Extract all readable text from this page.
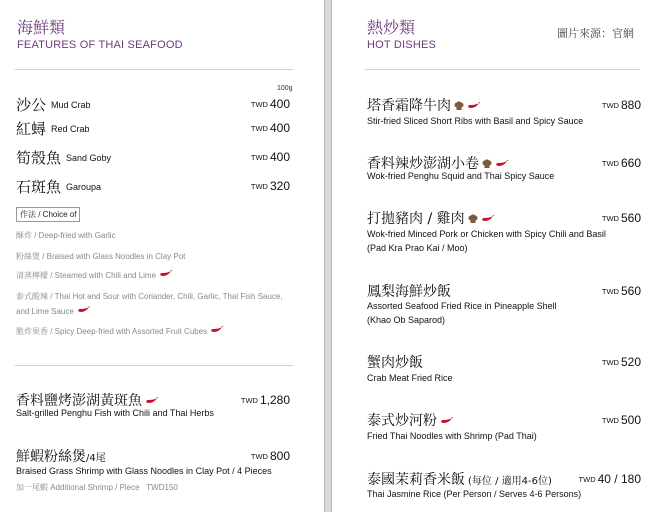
海鮮類
FEATURES OF THAI SEAFOOD
100g
沙公 Mud Crab	TWD 400
紅蟳 Red Crab	TWD 400
筍殼魚 Sand Goby	TWD 400
石斑魚 Garoupa	TWD 320
作法 / Choice of
酥炸 / Deep-fried with Garlic
粉絲煲 / Braised with Glass Noodles in Clay Pot
清蒸檸檬 / Steamed with Chili and Lime
泰式酸辣 / Thai Hot and Sour with Coriander, Chili, Garlic, Thai Fish Sauce,
and Lime Sauce
脆炸果香 / Spicy Deep-fried with Assorted Fruit Cubes
香料鹽烤澎湖黃斑魚	TWD 1,280
Salt-grilled Penghu Fish with Chili and Thai Herbs
鮮蝦粉絲煲/4尾	TWD 800
Braised Grass Shrimp with Glass Noodles in Clay Pot / 4 Pieces
加一尾蝦 Additional Shrimp / Piece TWD150
熱炒類
HOT DISHES
圖片來源：官網
塔香霜降牛肉	TWD 880
Stir-fried Sliced Short Ribs with Basil and Spicy Sauce
香料辣炒澎湖小卷	TWD 660
Wok-fried Penghu Squid and Thai Spicy Sauce
打拋豬肉 / 雞肉	TWD 560
Wok-fried Minced Pork or Chicken with Spicy Chili and Basil
(Pad Kra Prao Kai / Moo)
鳳梨海鮮炒飯	TWD 560
Assorted Seafood Fried Rice in Pineapple Shell
(Khao Ob Saparod)
蟹肉炒飯	TWD 520
Crab Meat Fried Rice
泰式炒河粉	TWD 500
Fried Thai Noodles with Shrimp (Pad Thai)
泰國茉莉香米飯 (每位 / 適用4-6位)	TWD 40 / 180
Thai Jasmine Rice (Per Person / Serves 4-6 Persons)
